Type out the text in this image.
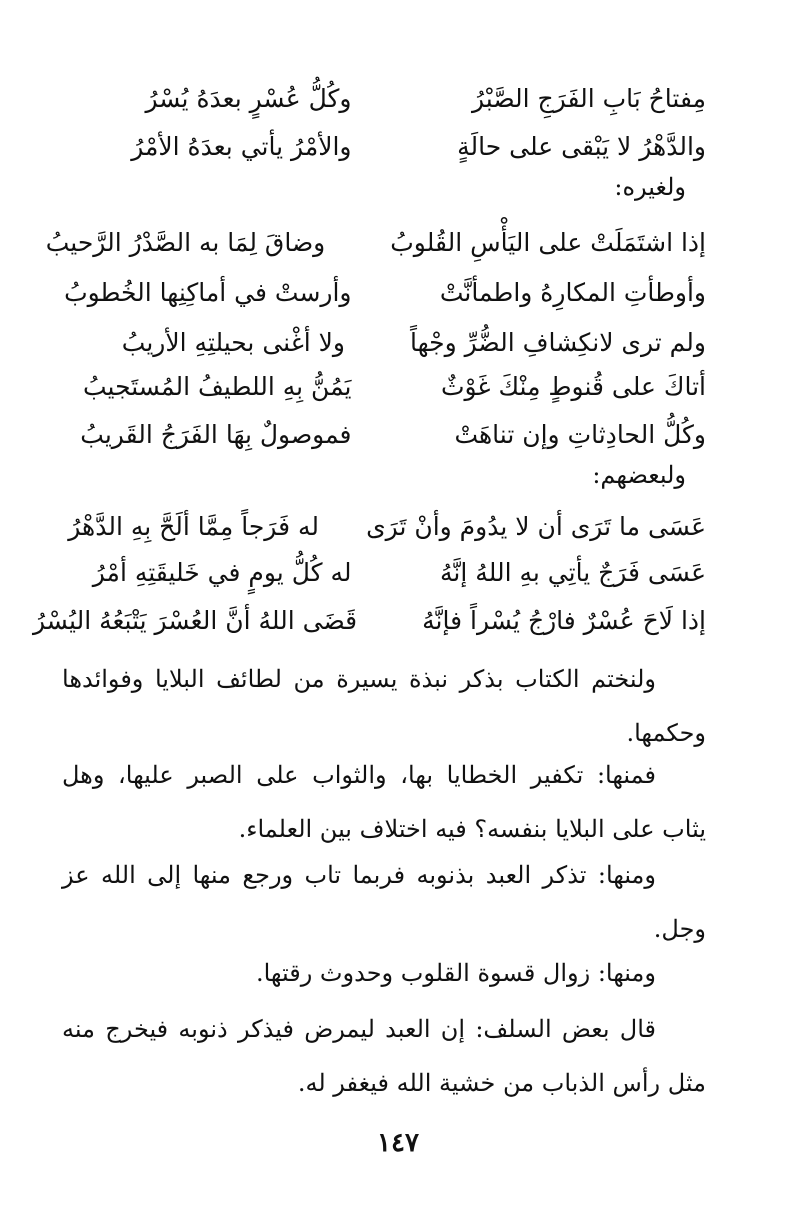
مِفتاحُ بَابِ الفَرَجِ الصَّبْرُ
وكُلُّ عُسْرٍ بعدَهُ يُسْرُ
والدَّهْرُ لا يَبْقى على حالَةٍ
والأمْرُ يأتي بعدَهُ الأمْرُ
ولغيره:
إذا اشتَمَلَتْ على اليَأْسِ القُلوبُ
وضاقَ لِمَا به الصَّدْرُ الرَّحيبُ
وأوطأتِ المكارِهُ واطمأنَّتْ
وأرستْ في أماكِنِها الخُطوبُ
ولم ترى لانكِشافِ الضُّرِّ وجْهاً
ولا أغْنى بحيلتِهِ الأريبُ
أتاكَ على قُنوطٍ مِنْكَ غَوْثٌ
يَمُنُّ بِهِ اللطيفُ المُستَجيبُ
وكُلُّ الحادِثاتِ وإن تناهَتْ
فموصولٌ بِهَا الفَرَجُ القَريبُ
ولبعضهم:
عَسَى ما تَرَى أن لا يدُومَ وأنْ تَرَى
له فَرَجاً مِمَّا ألَحَّ بِهِ الدَّهْرُ
عَسَى فَرَجٌ يأتِي بهِ اللهُ إنَّهُ
له كُلُّ يومٍ في خَليقَتِهِ أمْرُ
إذا لَاحَ عُسْرٌ فارْجُ يُسْراً فإنَّهُ
قَضَى اللهُ أنَّ العُسْرَ يَتْبَعُهُ اليُسْرُ

ولنختم الكتاب بذكر نبذة يسيرة من لطائف البلايا وفوائدها وحكمها.

فمنها: تكفير الخطايا بها، والثواب على الصبر عليها، وهل يثاب على البلايا بنفسه؟ فيه اختلاف بين العلماء.

ومنها: تذكر العبد بذنوبه فربما تاب ورجع منها إلى الله عز وجل.

ومنها: زوال قسوة القلوب وحدوث رقتها.

قال بعض السلف: إن العبد ليمرض فيذكر ذنوبه فيخرج منه مثل رأس الذباب من خشية الله فيغفر له.

١٤٧
